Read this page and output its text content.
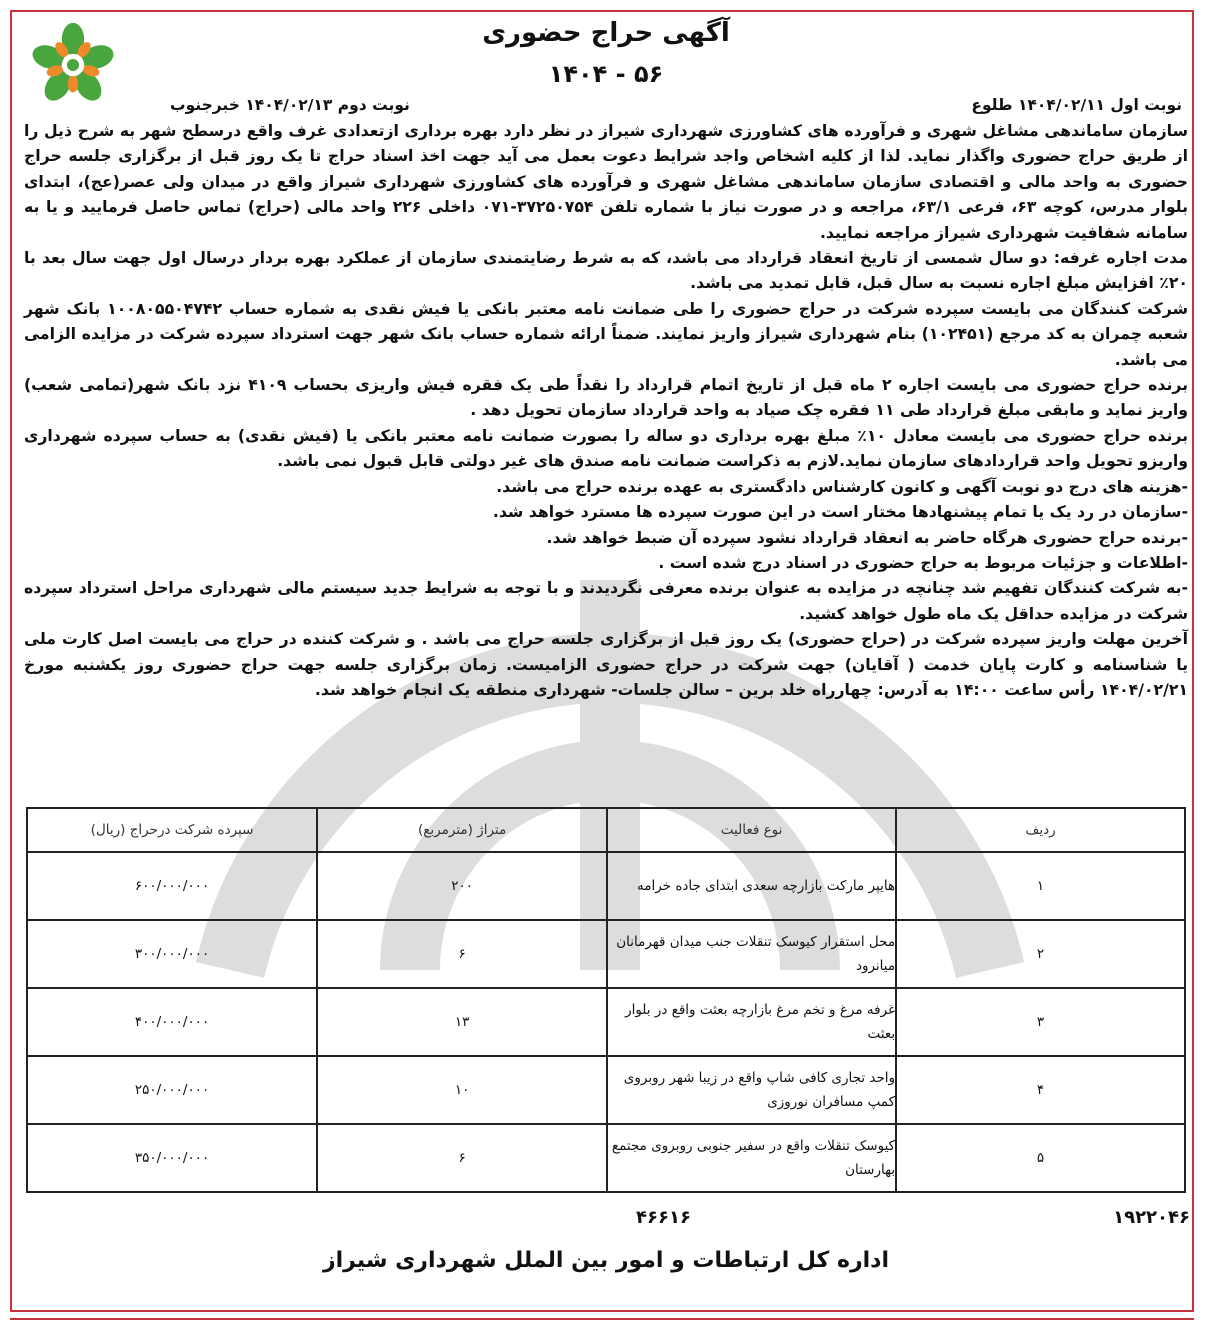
آگهی حراج حضوری
۵۶ - ۱۴۰۴
نوبت اول ۱۴۰۴/۰۲/۱۱ طلوع
نوبت دوم ۱۴۰۴/۰۲/۱۳ خبرجنوب

سازمان ساماندهی مشاغل شهری و فرآورده های کشاورزی شهرداری شیراز در نظر دارد بهره برداری ازتعدادی غرف واقع درسطح شهر به شرح ذیل را از طریق حراج حضوری واگذار نماید. لذا از کلیه اشخاص واجد شرایط دعوت بعمل می آید جهت اخذ اسناد حراج تا یک روز قبل از برگزاری جلسه حراج حضوری به واحد مالی و اقتصادی سازمان ساماندهی مشاغل شهری و فرآورده های کشاورزی شهرداری شیراز واقع در میدان ولی عصر(عج)، ابتدای بلوار مدرس، کوچه ۶۳، فرعی ۶۳/۱، مراجعه و در صورت نیاز با شماره تلفن ۳۷۲۵۰۷۵۴-۰۷۱ داخلی ۲۲۶ واحد مالی (حراج) تماس حاصل فرمایید و یا به سامانه شفافیت شهرداری شیراز مراجعه نمایید.

مدت اجاره غرفه: دو سال شمسی از تاریخ انعقاد قرارداد می باشد، که به شرط رضایتمندی سازمان از عملکرد بهره بردار درسال اول جهت سال بعد با ۲۰٪ افزایش مبلغ اجاره نسبت به سال قبل، قابل تمدید می باشد.

شرکت کنندگان می بایست سپرده شرکت در حراج حضوری را طی ضمانت نامه معتبر بانکی یا فیش نقدی به شماره حساب ۱۰۰۸۰۵۵۰۴۷۴۲ بانک شهر شعبه چمران به کد مرجع (۱۰۲۴۵۱) بنام شهرداری شیراز واریز نمایند. ضمناً ارائه شماره حساب بانک شهر جهت استرداد سپرده شرکت در مزایده الزامی می باشد.

برنده حراج حضوری می بایست اجاره ۲ ماه قبل از تاریخ اتمام قرارداد را نقداً طی یک فقره فیش واریزی بحساب ۴۱۰۹ نزد بانک شهر(تمامی شعب) واریز نماید و مابقی مبلغ قرارداد طی ۱۱ فقره چک صیاد به واحد قرارداد سازمان تحویل دهد .

برنده حراج حضوری می بایست معادل ۱۰٪ مبلغ بهره برداری دو ساله را بصورت ضمانت نامه معتبر بانکی یا (فیش نقدی) به حساب سپرده شهرداری واریزو تحویل واحد قراردادهای سازمان نماید.لازم به ذکراست ضمانت نامه صندق های غیر دولتی قابل قبول نمی باشد.

-هزینه های درج دو نوبت آگهی و کانون کارشناس دادگستری به عهده برنده حراج می باشد.

-سازمان در رد یک یا تمام پیشنهادها مختار است در این صورت سپرده ها مسترد خواهد شد.

-برنده حراج حضوری هرگاه حاضر به انعقاد قرارداد نشود سپرده آن ضبط خواهد شد.

-اطلاعات و جزئیات مربوط به حراج حضوری در اسناد درج شده است .

-به شرکت کنندگان تفهیم شد چنانچه در مزایده به عنوان برنده معرفی نگردیدند و با توجه به شرایط جدید سیستم مالی شهرداری مراحل استرداد سپرده شرکت در مزایده حداقل یک ماه طول خواهد کشید.

آخرین مهلت واریز سپرده شرکت در (حراج حضوری) یک روز قبل از برگزاری جلسه حراج می باشد . و شرکت کننده در حراج می بایست اصل کارت ملی یا شناسنامه و کارت پایان خدمت ( آقایان) جهت شرکت در حراج حضوری الزامیست. زمان برگزاری جلسه جهت حراج حضوری روز یکشنبه مورخ ۱۴۰۴/۰۲/۲۱ رأس ساعت ۱۴:۰۰ به آدرس: چهارراه خلد برین – سالن جلسات- شهرداری منطقه یک انجام خواهد شد.

ردیف	نوع فعالیت	متراژ (مترمربع)	سپرده شرکت درحراج (ریال)
۱	هایپر مارکت بازارچه سعدی ابتدای جاده خرامه	۲۰۰	۶۰۰/۰۰۰/۰۰۰
۲	محل استقرار کیوسک تنقلات جنب میدان قهرمانان میانرود	۶	۳۰۰/۰۰۰/۰۰۰
۳	غرفه مرغ و تخم مرغ بازارچه بعثت واقع در بلوار بعثت	۱۳	۴۰۰/۰۰۰/۰۰۰
۴	واحد تجاری کافی شاپ واقع در زیبا شهر روبروی کمپ مسافران نوروزی	۱۰	۲۵۰/۰۰۰/۰۰۰
۵	کیوسک تنقلات واقع در سفیر جنوبی روبروی مجتمع بهارستان	۶	۳۵۰/۰۰۰/۰۰۰
۴۶۶۱۶	۱۹۲۲۰۴۶
اداره کل ارتباطات و امور بین الملل شهرداری شیراز
